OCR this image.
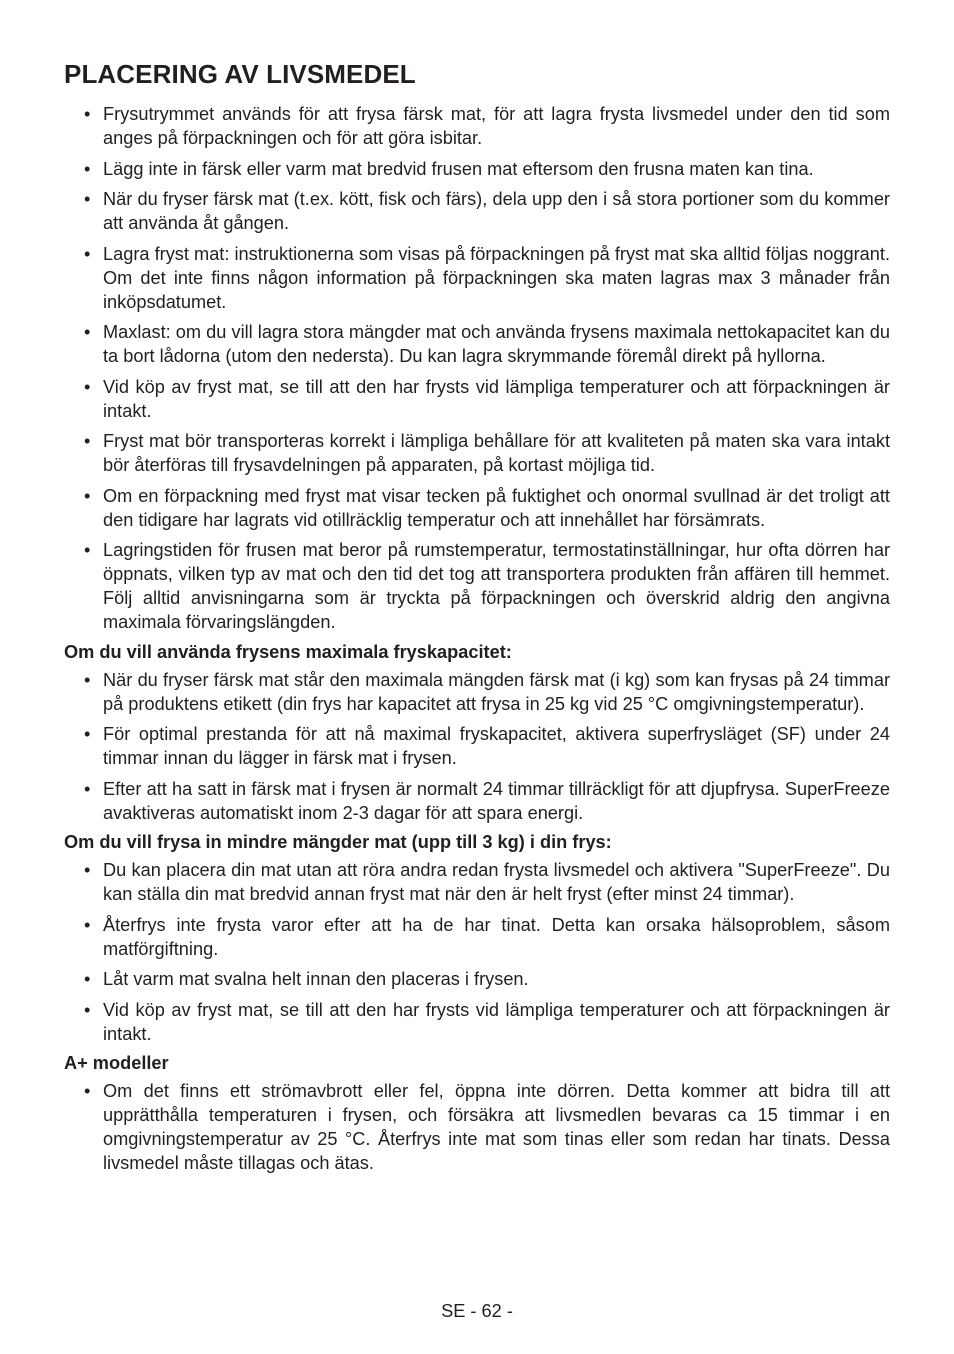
PLACERING AV LIVSMEDEL
• Frysutrymmet används för att frysa färsk mat, för att lagra frysta livsmedel under den tid som anges på förpackningen och för att göra isbitar.
• Lägg inte in färsk eller varm mat bredvid frusen mat eftersom den frusna maten kan tina.
• När du fryser färsk mat (t.ex. kött, fisk och färs), dela upp den i så stora portioner som du kommer att använda åt gången.
• Lagra fryst mat: instruktionerna som visas på förpackningen på fryst mat ska alltid följas noggrant. Om det inte finns någon information på förpackningen ska maten lagras max 3 månader från inköpsdatumet.
• Maxlast: om du vill lagra stora mängder mat och använda frysens maximala nettokapacitet kan du ta bort lådorna (utom den nedersta). Du kan lagra skrymmande föremål direkt på hyllorna.
• Vid köp av fryst mat, se till att den har frysts vid lämpliga temperaturer och att förpackningen är intakt.
• Fryst mat bör transporteras korrekt i lämpliga behållare för att kvaliteten på maten ska vara intakt bör återföras till frysavdelningen på apparaten, på kortast möjliga tid.
• Om en förpackning med fryst mat visar tecken på fuktighet och onormal svullnad är det troligt att den tidigare har lagrats vid otillräcklig temperatur och att innehållet har försämrats.
• Lagringstiden för frusen mat beror på rumstemperatur, termostatinställningar, hur ofta dörren har öppnats, vilken typ av mat och den tid det tog att transportera produkten från affären till hemmet. Följ alltid anvisningarna som är tryckta på förpackningen och överskrid aldrig den angivna maximala förvaringslängden.
Om du vill använda frysens maximala fryskapacitet:
• När du fryser färsk mat står den maximala mängden färsk mat (i kg) som kan frysas på 24 timmar på produktens etikett (din frys har kapacitet att frysa in 25 kg vid 25 °C omgivningstemperatur).
• För optimal prestanda för att nå maximal fryskapacitet, aktivera superfrysläget (SF) under 24 timmar innan du lägger in färsk mat i frysen.
• Efter att ha satt in färsk mat i frysen är normalt 24 timmar tillräckligt för att djupfrysa. SuperFreeze avaktiveras automatiskt inom 2-3 dagar för att spara energi.
Om du vill frysa in mindre mängder mat (upp till 3 kg) i din frys:
• Du kan placera din mat utan att röra andra redan frysta livsmedel och aktivera "SuperFreeze". Du kan ställa din mat bredvid annan fryst mat när den är helt fryst (efter minst 24 timmar).
• Återfrys inte frysta varor efter att ha de har tinat. Detta kan orsaka hälsoproblem, såsom matförgiftning.
• Låt varm mat svalna helt innan den placeras i frysen.
• Vid köp av fryst mat, se till att den har frysts vid lämpliga temperaturer och att förpackningen är intakt.
A+ modeller
• Om det finns ett strömavbrott eller fel, öppna inte dörren. Detta kommer att bidra till att upprätthålla temperaturen i frysen, och försäkra att livsmedlen bevaras ca 15 timmar i en omgivningstemperatur av 25 °C. Återfrys inte mat som tinas eller som redan har tinats. Dessa livsmedel måste tillagas och ätas.
SE - 62 -
